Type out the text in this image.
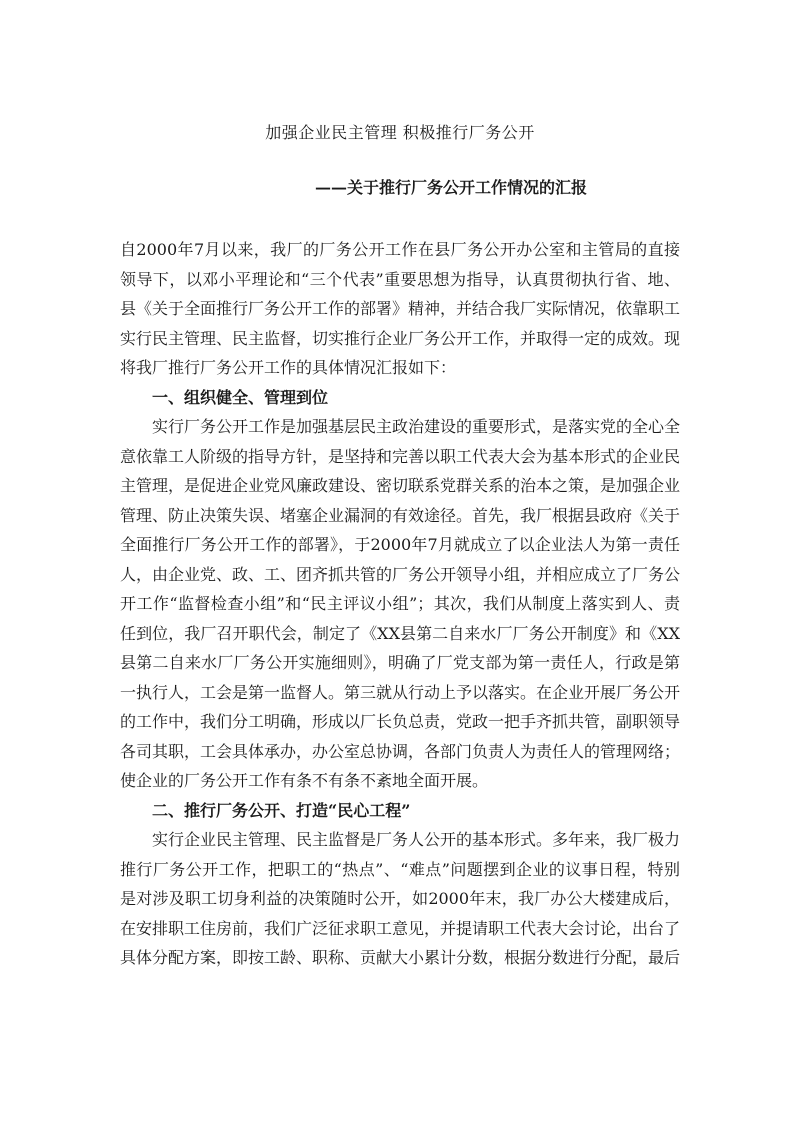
加强企业民主管理 积极推行厂务公开
——关于推行厂务公开工作情况的汇报

自2000年7月以来，我厂的厂务公开工作在县厂务公开办公室和主管局的直接领导下，以邓小平理论和“三个代表”重要思想为指导，认真贯彻执行省、地、县《关于全面推行厂务公开工作的部署》精神，并结合我厂实际情况，依靠职工实行民主管理、民主监督，切实推行企业厂务公开工作，并取得一定的成效。现将我厂推行厂务公开工作的具体情况汇报如下：

一、组织健全、管理到位

实行厂务公开工作是加强基层民主政治建设的重要形式，是落实党的全心全意依靠工人阶级的指导方针，是坚持和完善以职工代表大会为基本形式的企业民主管理，是促进企业党风廉政建设、密切联系党群关系的治本之策，是加强企业管理、防止决策失误、堵塞企业漏洞的有效途径。首先，我厂根据县政府《关于全面推行厂务公开工作的部署》，于2000年7月就成立了以企业法人为第一责任人，由企业党、政、工、团齐抓共管的厂务公开领导小组，并相应成立了厂务公开工作“监督检查小组”和“民主评议小组”；其次，我们从制度上落实到人、责任到位，我厂召开职代会，制定了《XX县第二自来水厂厂务公开制度》和《XX县第二自来水厂厂务公开实施细则》，明确了厂党支部为第一责任人，行政是第一执行人，工会是第一监督人。第三就从行动上予以落实。在企业开展厂务公开的工作中，我们分工明确，形成以厂长负总责，党政一把手齐抓共管，副职领导各司其职，工会具体承办，办公室总协调，各部门负责人为责任人的管理网络；使企业的厂务公开工作有条不有条不紊地全面开展。

二、推行厂务公开、打造“民心工程”

实行企业民主管理、民主监督是厂务人公开的基本形式。多年来，我厂极力推行厂务公开工作，把职工的“热点”、“难点”问题摆到企业的议事日程，特别是对涉及职工切身利益的决策随时公开，如2000年末，我厂办公大楼建成后，在安排职工住房前，我们广泛征求职工意见，并提请职工代表大会讨论，出台了具体分配方案，即按工龄、职称、贡献大小累计分数，根据分数进行分配，最后
